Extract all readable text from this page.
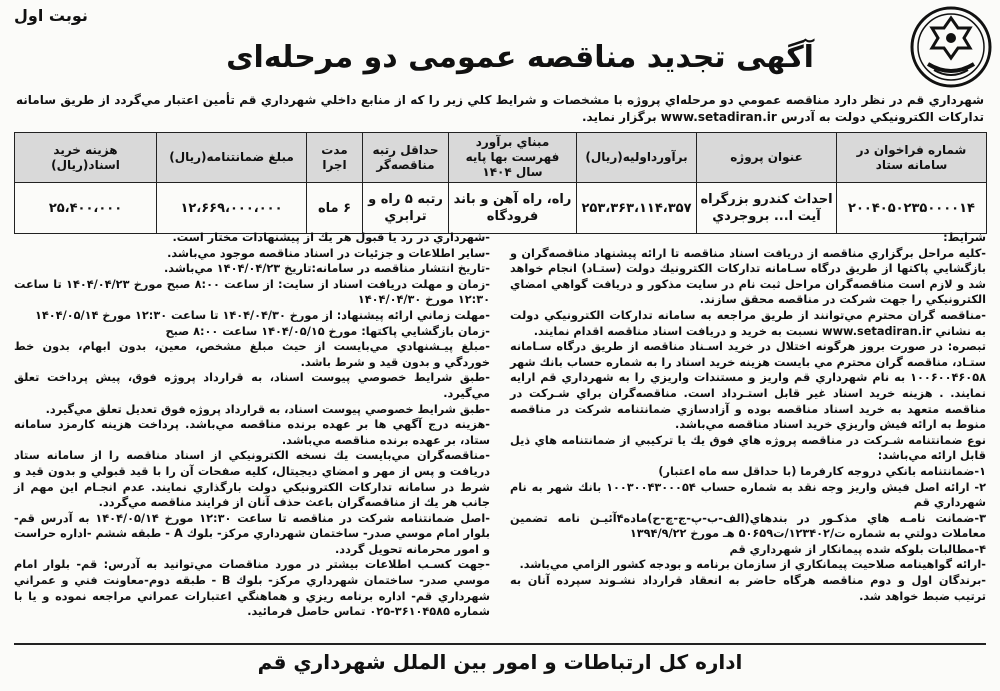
نوبت اول
آگهی تجدید مناقصه عمومی دو مرحله‌ای
شهرداري قم در نظر دارد مناقصه عمومي دو مرحله‌اي پروژه با مشخصات و شرايط كلي زير را كه از منابع داخلي شهرداري قم تأمين اعتبار مي‌گردد از طريق سامانه تداركات الكترونيكي دولت به آدرس www.setadiran.ir برگزار نمايد.
شماره فراخوان در سامانه ستاد	عنوان پروژه	برآورداوليه(ريال)	مبناي برآورد فهرست بها پايه سال ۱۴۰۴	حداقل رتبه مناقصه‌گر	مدت اجرا	مبلغ ضمانتنامه(ريال)	هزينه خريد اسناد(ريال)
۲۰۰۴۰۵۰۲۳۵۰۰۰۰۱۴	احداث كندرو بزرگراه آيت ا... بروجردي	۲۵۳،۳۶۳،۱۱۴،۳۵۷	راه، راه آهن و باند فرودگاه	رتبه ۵ راه و ترابري	۶ ماه	۱۲،۶۶۹،۰۰۰،۰۰۰	۲۵،۴۰۰،۰۰۰

شرايط:

-كليه مراحل برگزاري مناقصه از دريافت اسناد مناقصه تا ارائه پيشنهاد مناقصه‌گران و بازگشايي پاكتها از طريق درگاه سـامانه تداركات الكترونيك دولت (ستـاد) انجام خواهد شد و لازم است مناقصه‌گران مراحل ثبت نام در سايت مذكور و دريافت گواهي امضاي الكترونيكي را جهت شركت در مناقصه محقق سازند.

-مناقصه گران محترم مي‌توانند از طريق مراجعه به سامانه تداركات الكترونيكي دولت به نشاني www.setadiran.ir نسبت به خريد و دريافت اسناد مناقصه اقدام نمايند.

تبصره: در صورت بروز هرگونه اختلال در خريد اسـناد مناقصه از طريق درگاه سـامانه ستـاد، مناقصه گران محترم مي بايست هزينه خريد اسناد را به شماره حساب بانك شهر ۱۰۰۶۰۰۴۶۰۵۸ به نام شهرداري قم واريز و مستندات واريزي را به شهرداري قم ارايه نمايند. . هزينه خريد اسناد غير قابل استـرداد است. مناقصه‌گران براي شـركت در مناقصه متعهد به خريد اسناد مناقصه بوده و آزادسازي ضمانتنامه شركت در مناقصه منوط به ارائه فيش واريزي خريد اسناد مناقصه مي‌باشد.

نوع ضمانتنامه شـركت در مناقصه پروژه هاي فوق يك يا تركيبي از ضمانتنامه هاي ذيل قابل ارائه مي‌باشد:

۱-ضمانتنامه بانكي دروجه كارفرما (با حداقل سه ماه اعتبار)

۲- ارائه اصل فيش واريز وجه نقد به شماره حساب ۱۰۰۳۰۰۴۳۰۰۰۵۴ بانك شهر به نام شهرداري قم

۳-ضمانت نامـه هاي مذكـور در بندهاي(الف-ب-پ-ج-چ-ح)ماده۴آئيـن نامه تضمين معاملات دولتي به شماره ت/۱۲۳۴۰۲/ت۵۰۶۵۹ هـ مورخ ۱۳۹۴/۹/۲۲

۴-مطالبات بلوكه شده پيمانكار از شهرداري قم

-ارائه گواهينامه صلاحيت پيمانكاري از سازمان برنامه و بودجه كشور الزامي مي‌باشد.

-برندگان اول و دوم مناقصه هرگاه حاضر به انعقاد قرارداد نشـوند سپرده آنان به ترتيب ضبط خواهد شد.

-شهرداري در رد يا قبول هر يك از پيشنهادات مختار است.

-ساير اطلاعات و جزئيات در اسناد مناقصه موجود مي‌باشد.

-تاريخ انتشار مناقصه در سامانه:تاريخ ۱۴۰۴/۰۴/۲۳ مي‌باشد.

-زمان و مهلت دريافت اسناد از سايت: از ساعت ۸:۰۰ صبح مورخ ۱۴۰۴/۰۴/۲۳ تا ساعت ۱۲:۳۰ مورخ ۱۴۰۴/۰۴/۳۰

-مهلت زماني ارائه پيشنهاد: از مورخ ۱۴۰۴/۰۴/۳۰ تا ساعت ۱۲:۳۰ مورخ ۱۴۰۴/۰۵/۱۴

-زمان بازگشايي پاكتها: مورخ ۱۴۰۴/۰۵/۱۵ ساعت ۸:۰۰ صبح

-مبلغ پيـشنهادي مي‌بايست از حيث مبلغ مشخص، معين، بدون ابهام، بدون خط خوردگي و بدون قيد و شرط باشد.

-طبق شرايط خصوصي پيوست اسناد، به قرارداد پروژه فوق، پيش پرداخت تعلق مي‌گيرد.

-طبق شرايط خصوصي پيوست اسناد، به قرارداد پروژه فوق تعديل تعلق مي‌گيرد.

-هزينه درج آگهي ها بر عهده برنده مناقصه مي‌باشد. پرداخت هزينه كارمزد سامانه ستاد، بر عهده برنده مناقصه مي‌باشد.

-مناقصه‌گران مي‌بايست يك نسخه الكترونيكي از اسناد مناقصه را از سامانه ستاد دريافت و پس از مهر و امضاي ديجيتال، كليه صفحات آن را با قيد قبولي و بدون قيد و شرط در سامانه تداركات الكترونيكي دولت بارگذاري نمايند. عدم انجـام اين مهم از جانب هر يك از مناقصه‌گران باعث حذف آنان از فرايند مناقصه مي‌گردد.

-اصل ضمانتنامه شركت در مناقصه تا ساعت ۱۲:۳۰ مورخ ۱۴۰۴/۰۵/۱۴ به آدرس قم- بلوار امام موسي صدر- ساختمان شهرداري مركز- بلوك A - طبقه ششم -اداره حراست و امور محرمانه تحويل گردد.

-جهت كسـب اطلاعات بيشتر در مورد مناقصات مي‌توانيد به آدرس: قم- بلوار امام موسي صدر- ساختمان شهرداري مركز- بلوك B - طبقه دوم-معاونت فني و عمراني شهرداري قم- اداره برنامه ريزي و هماهنگي اعتبارات عمراني مراجعه نموده و يا با شماره ۳۶۱۰۴۵۸۵-۰۲۵ تماس حاصل فرمائيد.

اداره كل ارتباطات و امور بين الملل شهرداري قم
